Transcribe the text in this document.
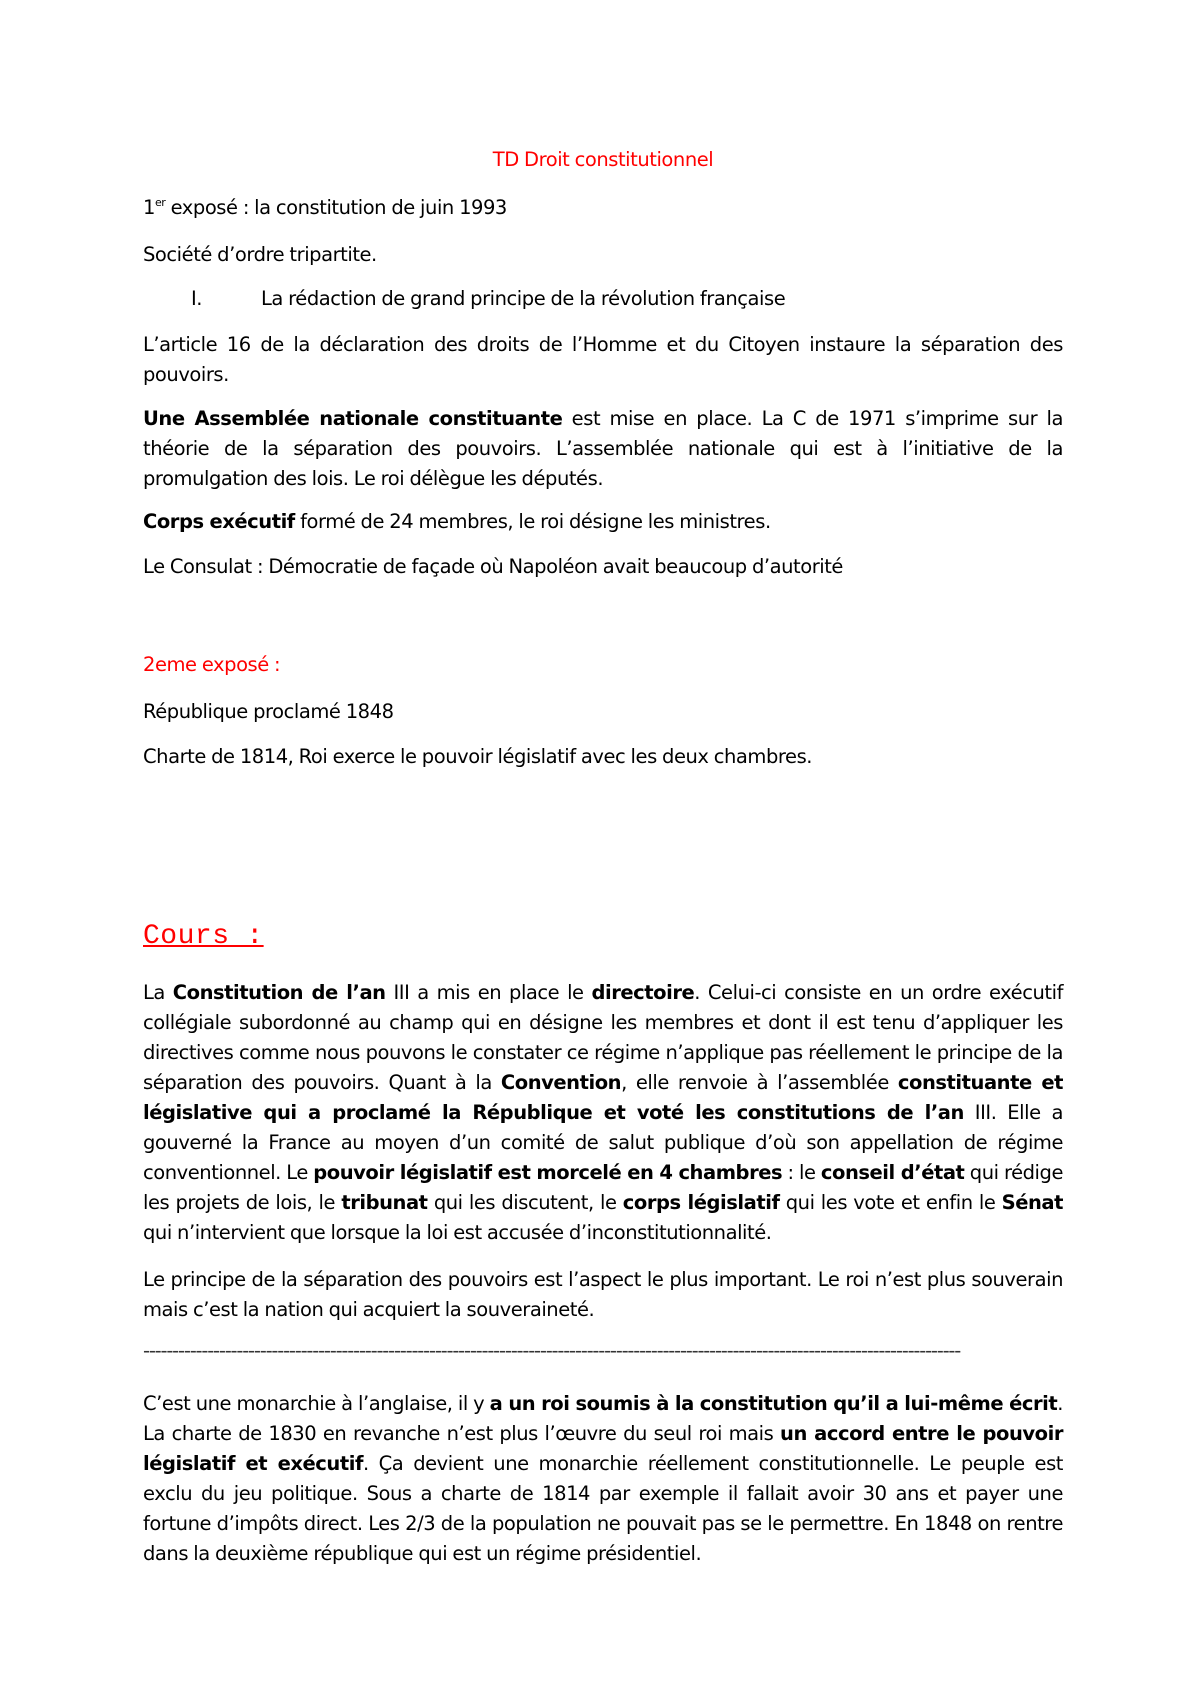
TD Droit constitutionnel

1er exposé : la constitution de juin 1993

Société d’ordre tripartite.

I.	La rédaction de grand principe de la révolution française

L’article 16 de la déclaration des droits de l’Homme et du Citoyen instaure la séparation des pouvoirs.

Une Assemblée nationale constituante est mise en place. La C de 1971 s’imprime sur la théorie de la séparation des pouvoirs. L’assemblée nationale qui est à l’initiative de la promulgation des lois. Le roi délègue les députés.

Corps exécutif formé de 24 membres, le roi désigne les ministres.

Le Consulat : Démocratie de façade où Napoléon avait beaucoup d’autorité

2eme exposé :

République proclamé 1848

Charte de 1814, Roi exerce le pouvoir législatif avec les deux chambres.

Cours :

La Constitution de l’an III a mis en place le directoire. Celui-ci consiste en un ordre exécutif collégiale subordonné au champ qui en désigne les membres et dont il est tenu d’appliquer les directives comme nous pouvons le constater ce régime n’applique pas réellement le principe de la séparation des pouvoirs. Quant à la Convention, elle renvoie à l’assemblée constituante et législative qui a proclamé la République et voté les constitutions de l’an III. Elle a gouverné la France au moyen d’un comité de salut publique d’où son appellation de régime conventionnel. Le pouvoir législatif est morcelé en 4 chambres : le conseil d’état qui rédige les projets de lois, le tribunat qui les discutent, le corps législatif qui les vote et enfin le Sénat qui n’intervient que lorsque la loi est accusée d’inconstitutionnalité.

Le principe de la séparation des pouvoirs est l’aspect le plus important. Le roi n’est plus souverain mais c’est la nation qui acquiert la souveraineté.

--------------------------------------------------------------------------------------------------------------------------------------------

C’est une monarchie à l’anglaise, il y a un roi soumis à la constitution qu’il a lui-même écrit. La charte de 1830 en revanche n’est plus l’œuvre du seul roi mais un accord entre le pouvoir législatif et exécutif. Ça devient une monarchie réellement constitutionnelle. Le peuple est exclu du jeu politique. Sous a charte de 1814 par exemple il fallait avoir 30 ans et payer une fortune d’impôts direct. Les 2/3 de la population ne pouvait pas se le permettre. En 1848 on rentre dans la deuxième république qui est un régime présidentiel.
